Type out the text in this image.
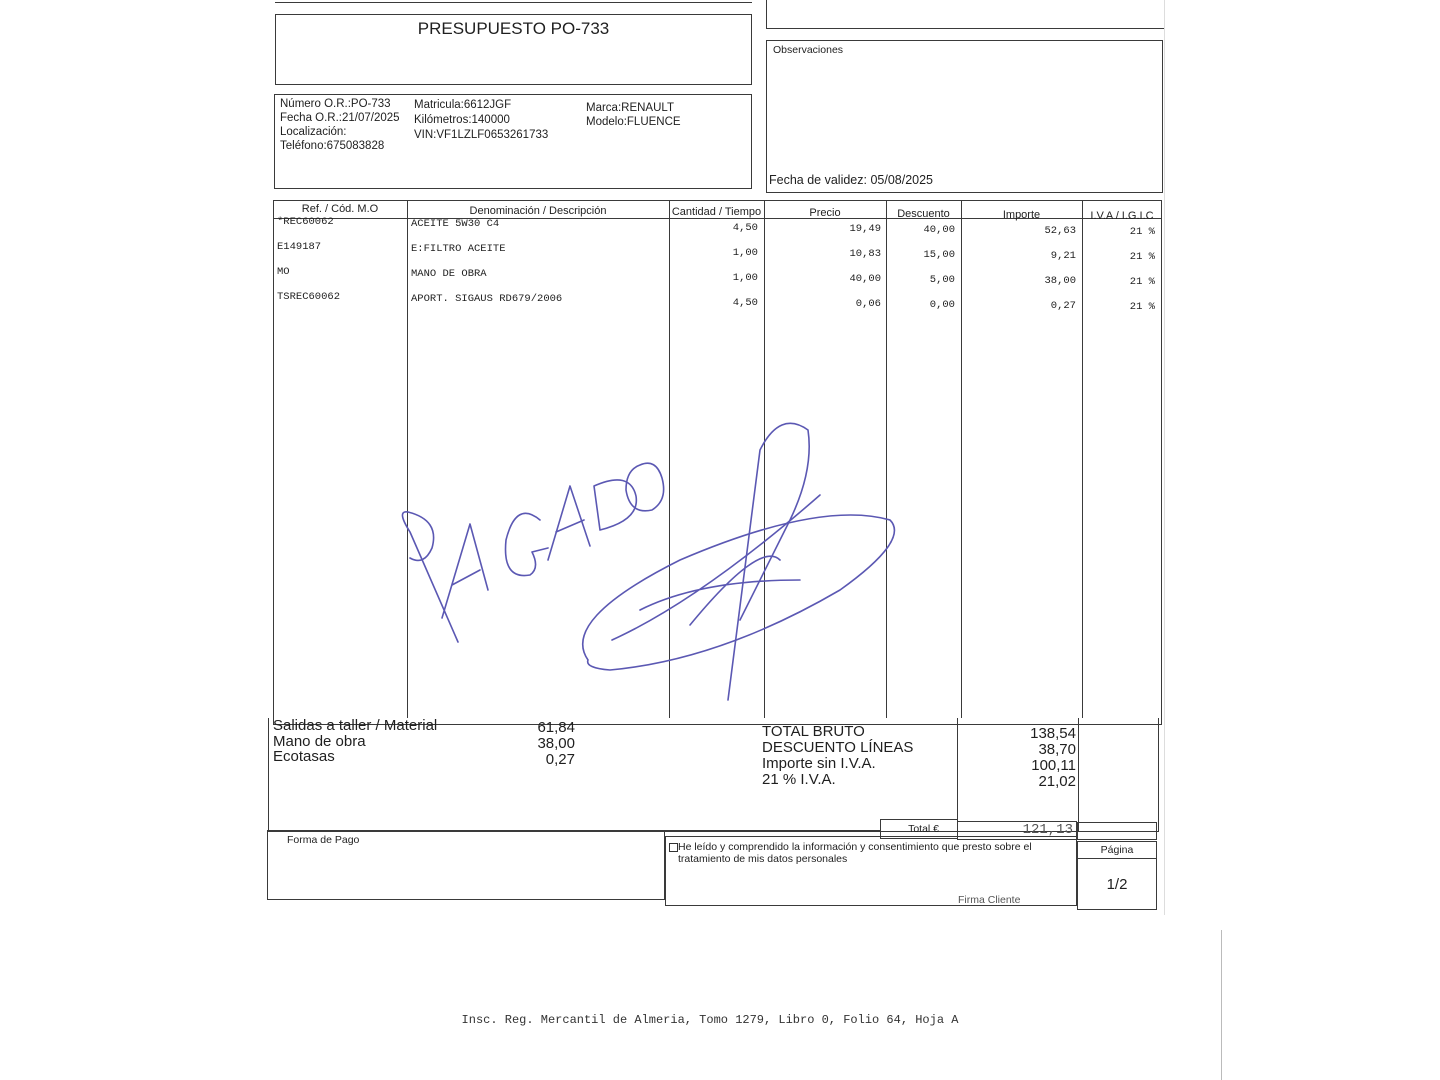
PRESUPUESTO PO-733
Observaciones
Fecha de validez: 05/08/2025
Número O.R.:PO-733
Fecha O.R.:21/07/2025
Localización:
Teléfono:675083828
Matricula:6612JGF
Kilómetros:140000
VIN:VF1LZLF0653261733
Marca:RENAULT
Modelo:FLUENCE
Ref. / Cód. M.O	Denominación / Descripción	Cantidad / Tiempo	Precio	Descuento	Importe	I.V.A / I.G.I.C
*REC60062	ACEITE 5W30 C4	4,50	19,49	40,00	52,63	21 %
E149187	E:FILTRO ACEITE	1,00	10,83	15,00	9,21	21 %
MO	MANO DE OBRA	1,00	40,00	5,00	38,00	21 %
TSREC60062	APORT. SIGAUS RD679/2006	4,50	0,06	0,00	0,27	21 %
Salidas a taller / Material	61,84
Mano de obra	38,00
Ecotasas	0,27
TOTAL BRUTO	138,54
DESCUENTO LÍNEAS	38,70
Importe sin I.V.A.	100,11
21 % I.V.A.	21,02
Total €	121,13
Forma de Pago
He leído y comprendido la información y consentimiento que presto sobre el
tratamiento de mis datos personales
Firma Cliente
Página
1/2
Insc. Reg. Mercantil de Almeria, Tomo 1279, Libro 0, Folio 64, Hoja A
